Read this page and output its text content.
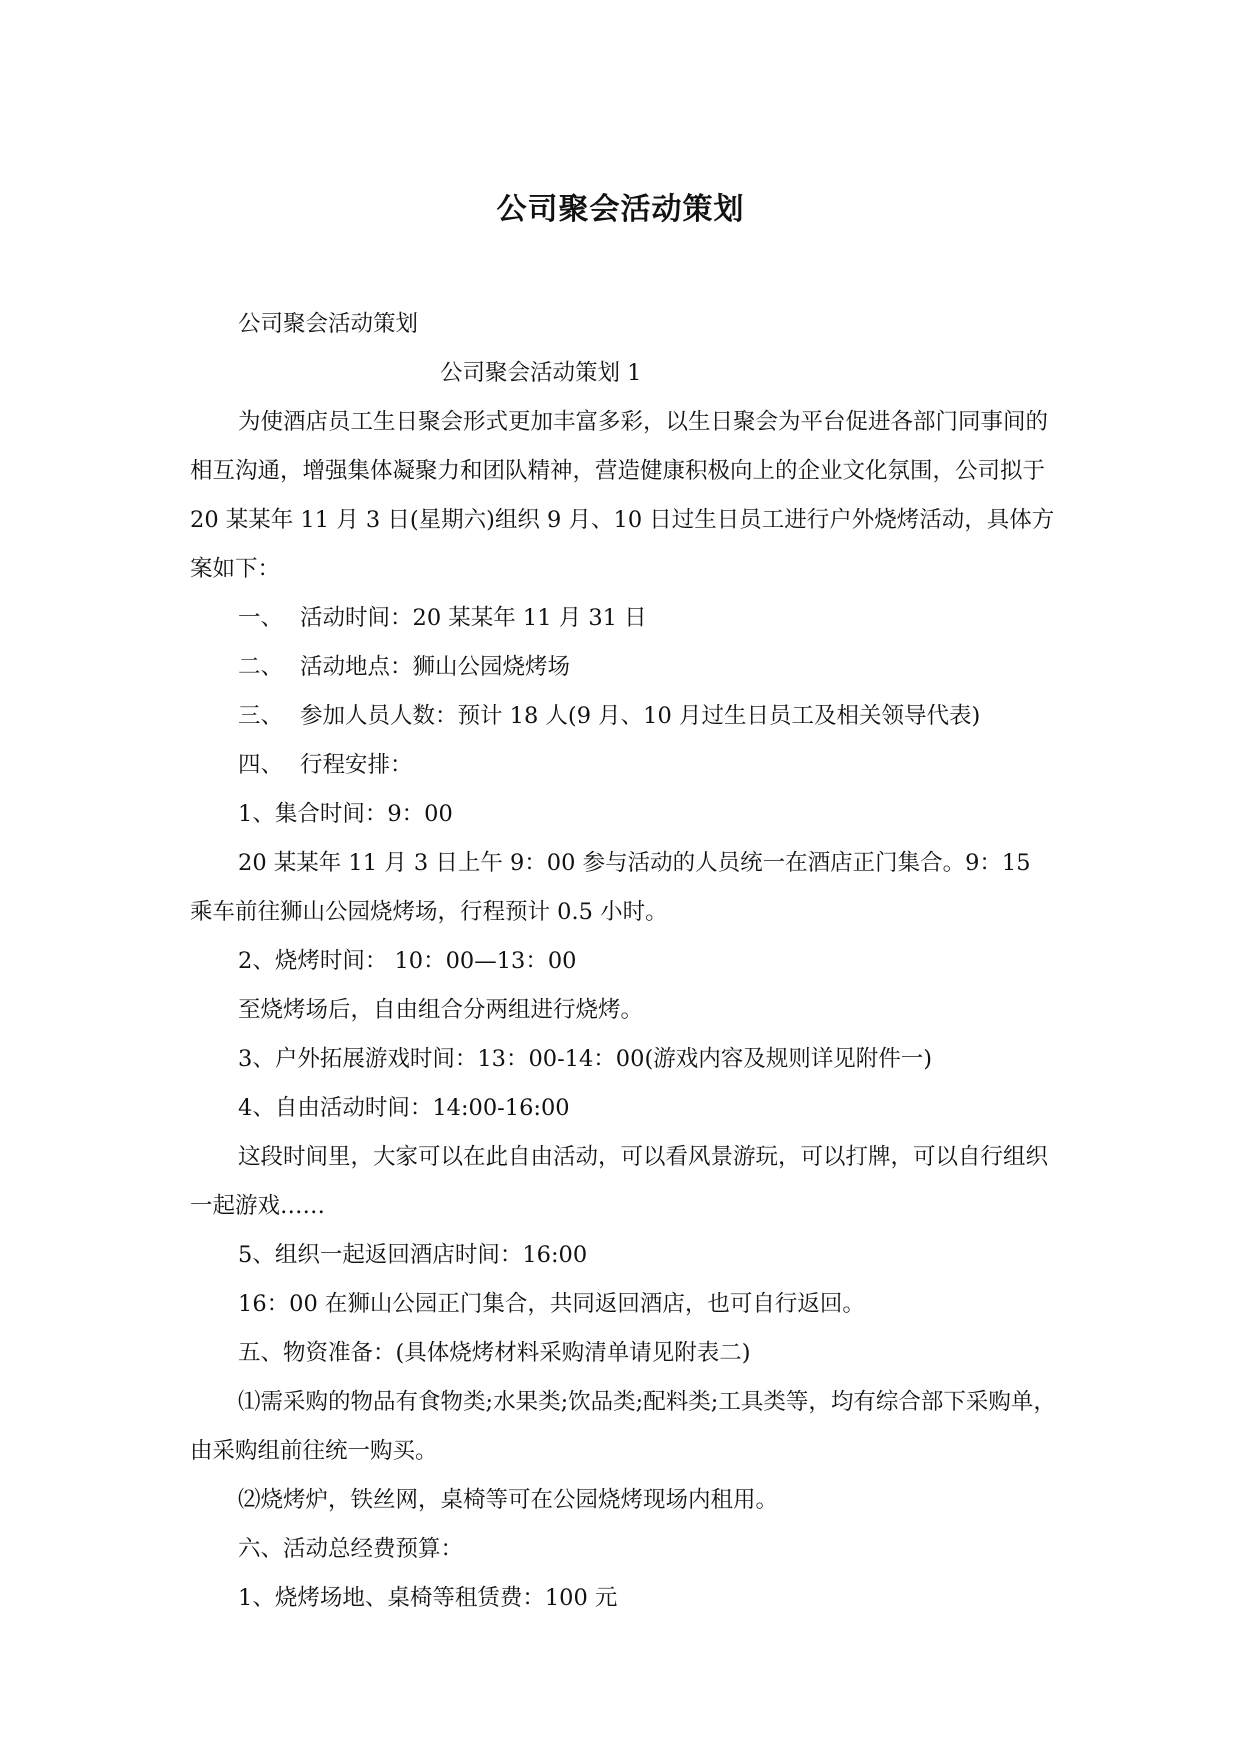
公司聚会活动策划

公司聚会活动策划

公司聚会活动策划 1

为使酒店员工生日聚会形式更加丰富多彩，以生日聚会为平台促进各部门同事间的相互沟通，增强集体凝聚力和团队精神，营造健康积极向上的企业文化氛围，公司拟于 20 某某年 11 月 3 日(星期六)组织 9 月、10 日过生日员工进行户外烧烤活动，具体方案如下：

一、 活动时间：20 某某年 11 月 31 日

二、 活动地点：狮山公园烧烤场

三、 参加人员人数：预计 18 人(9 月、10 月过生日员工及相关领导代表)

四、 行程安排：

1、集合时间：9：00

20 某某年 11 月 3 日上午 9：00 参与活动的人员统一在酒店正门集合。9：15 乘车前往狮山公园烧烤场，行程预计 0.5 小时。

2、烧烤时间： 10：00—13：00

至烧烤场后，自由组合分两组进行烧烤。

3、户外拓展游戏时间：13：00-14：00(游戏内容及规则详见附件一)

4、自由活动时间：14:00-16:00

这段时间里，大家可以在此自由活动，可以看风景游玩，可以打牌，可以自行组织一起游戏……

5、组织一起返回酒店时间：16:00

16：00 在狮山公园正门集合，共同返回酒店，也可自行返回。

五、物资准备：(具体烧烤材料采购清单请见附表二)

⑴需采购的物品有食物类;水果类;饮品类;配料类;工具类等，均有综合部下采购单，由采购组前往统一购买。

⑵烧烤炉，铁丝网，桌椅等可在公园烧烤现场内租用。

六、活动总经费预算：

1、烧烤场地、桌椅等租赁费：100 元
